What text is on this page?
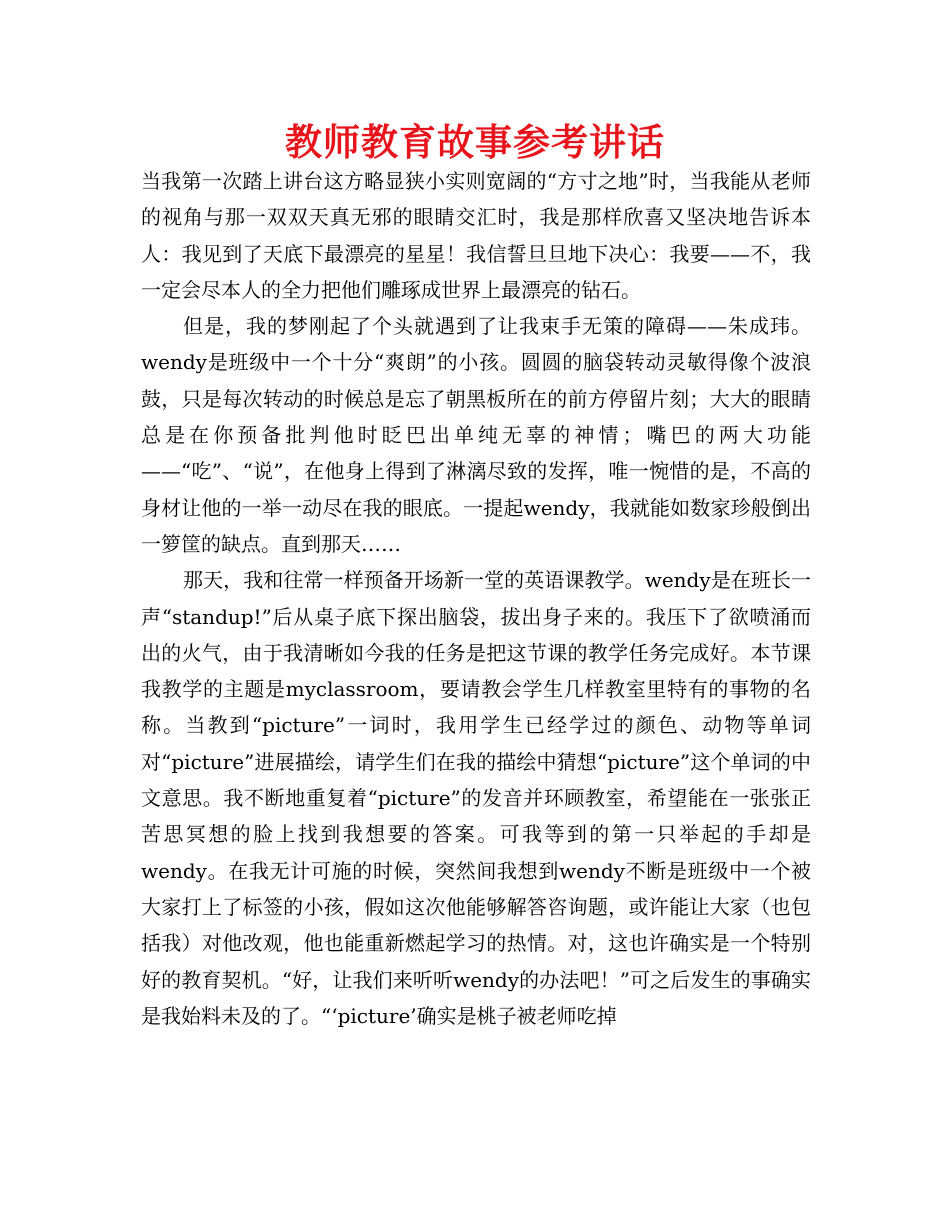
教师教育故事参考讲话

当我第一次踏上讲台这方略显狭小实则宽阔的“方寸之地”时，当我能从老师的视角与那一双双天真无邪的眼睛交汇时，我是那样欣喜又坚决地告诉本人：我见到了天底下最漂亮的星星！我信誓旦旦地下决心：我要——不，我一定会尽本人的全力把他们雕琢成世界上最漂亮的钻石。

但是，我的梦刚起了个头就遇到了让我束手无策的障碍——朱成玮。wendy是班级中一个十分“爽朗”的小孩。圆圆的脑袋转动灵敏得像个波浪鼓，只是每次转动的时候总是忘了朝黑板所在的前方停留片刻；大大的眼睛总是在你预备批判他时眨巴出单纯无辜的神情；嘴巴的两大功能——“吃”、“说”，在他身上得到了淋漓尽致的发挥，唯一惋惜的是，不高的身材让他的一举一动尽在我的眼底。一提起wendy，我就能如数家珍般倒出一箩筐的缺点。直到那天……

那天，我和往常一样预备开场新一堂的英语课教学。wendy是在班长一声“standup!”后从桌子底下探出脑袋，拔出身子来的。我压下了欲喷涌而出的火气，由于我清晰如今我的任务是把这节课的教学任务完成好。本节课我教学的主题是myclassroom，要请教会学生几样教室里特有的事物的名称。当教到“picture”一词时，我用学生已经学过的颜色、动物等单词对“picture”进展描绘，请学生们在我的描绘中猜想“picture”这个单词的中文意思。我不断地重复着“picture”的发音并环顾教室，希望能在一张张正苦思冥想的脸上找到我想要的答案。可我等到的第一只举起的手却是wendy。在我无计可施的时候，突然间我想到wendy不断是班级中一个被大家打上了标签的小孩，假如这次他能够解答咨询题，或许能让大家（也包括我）对他改观，他也能重新燃起学习的热情。对，这也许确实是一个特别好的教育契机。“好，让我们来听听wendy的办法吧！”可之后发生的事确实是我始料未及的了。“‘picture’确实是桃子被老师吃掉
